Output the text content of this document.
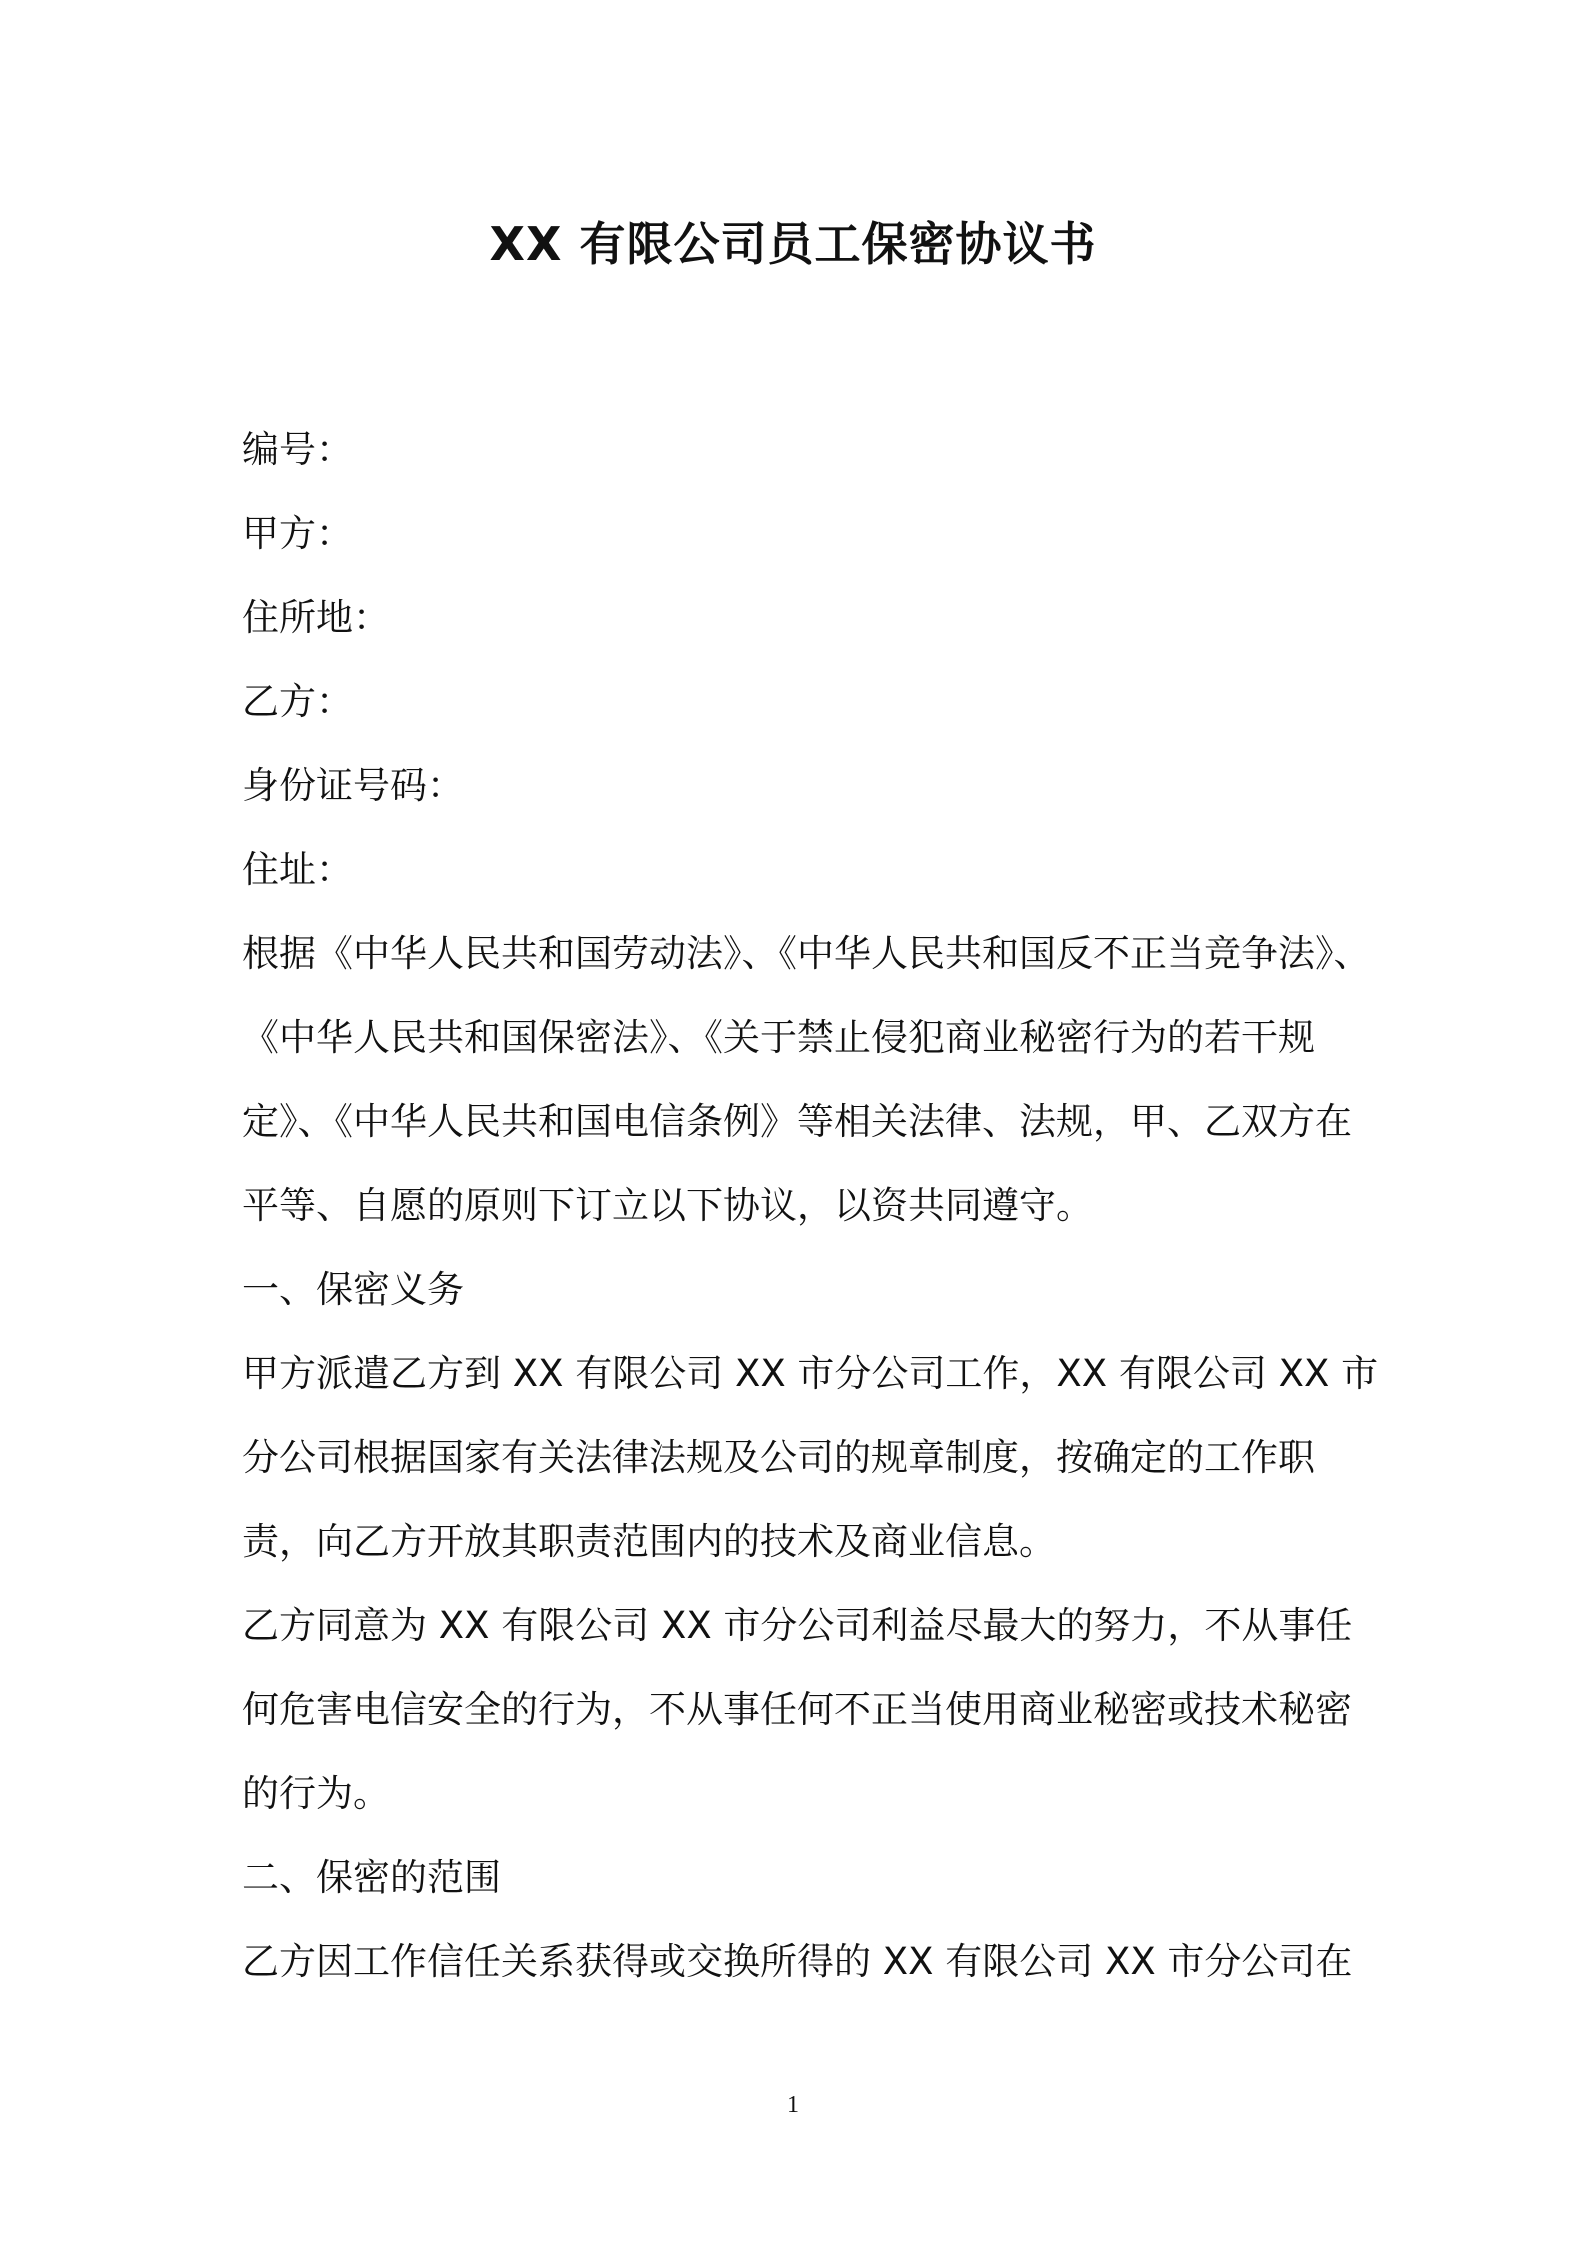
XX 有限公司员工保密协议书
编号：
甲方：
住所地：
乙方：
身份证号码：
住址：
根据《中华人民共和国劳动法》、《中华人民共和国反不正当竞争法》、
《中华人民共和国保密法》、《关于禁止侵犯商业秘密行为的若干规
定》、《中华人民共和国电信条例》等相关法律、法规，甲、乙双方在
平等、自愿的原则下订立以下协议，以资共同遵守。
一、保密义务
甲方派遣乙方到 XX 有限公司 XX 市分公司工作，XX 有限公司 XX 市
分公司根据国家有关法律法规及公司的规章制度，按确定的工作职
责，向乙方开放其职责范围内的技术及商业信息。
乙方同意为 XX 有限公司 XX 市分公司利益尽最大的努力，不从事任
何危害电信安全的行为，不从事任何不正当使用商业秘密或技术秘密
的行为。
二、保密的范围
乙方因工作信任关系获得或交换所得的 XX 有限公司 XX 市分公司在
1
